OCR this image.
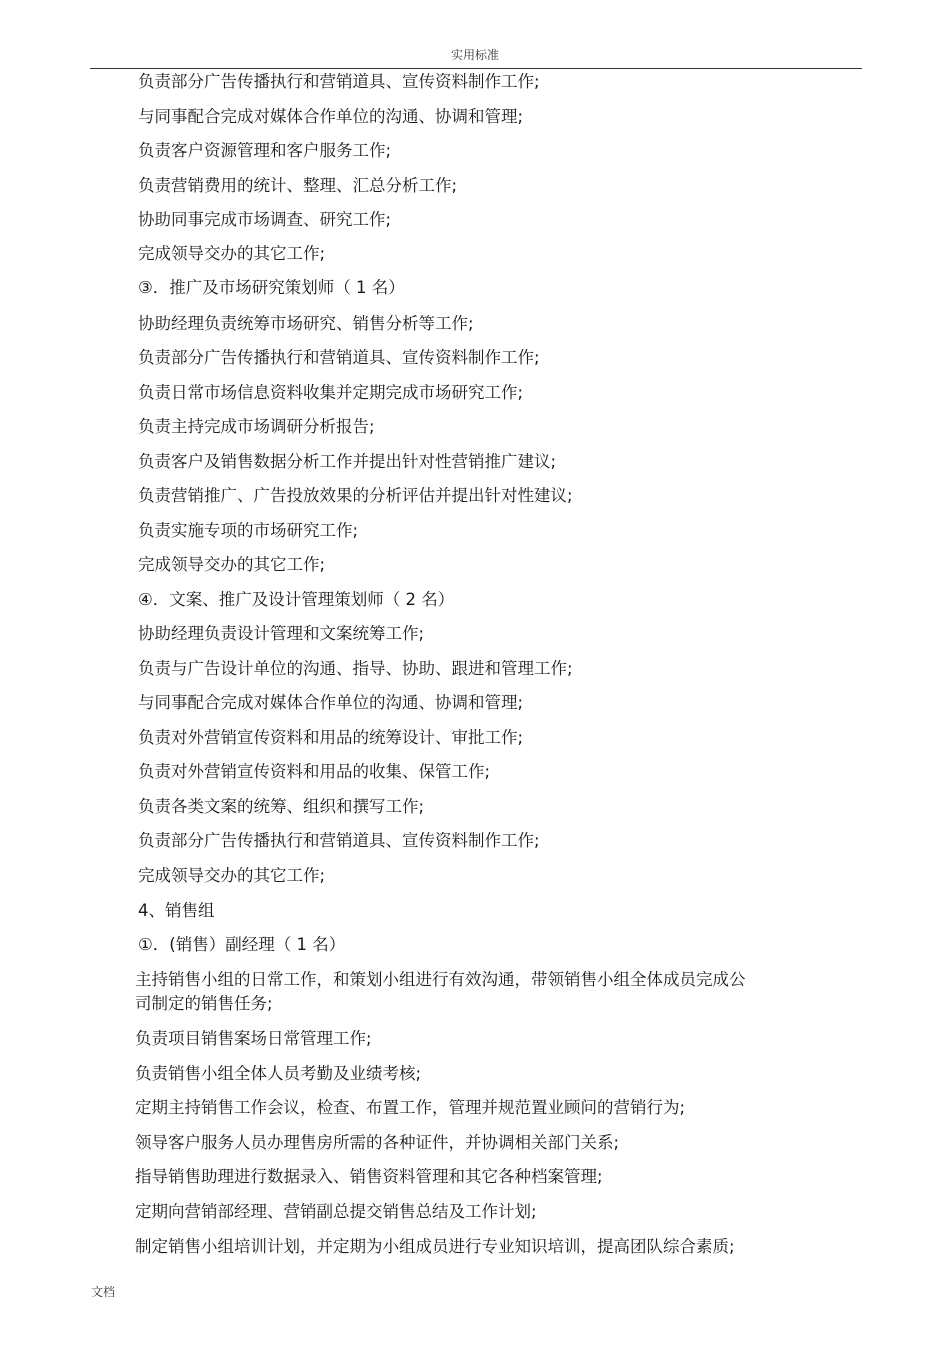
实用标准
负责部分广告传播执行和营销道具、宣传资料制作工作;
与同事配合完成对媒体合作单位的沟通、协调和管理;
负责客户资源管理和客户服务工作;
负责营销费用的统计、整理、汇总分析工作;
协助同事完成市场调查、研究工作;
完成领导交办的其它工作;
③．推广及市场研究策划师（ 1 名）
协助经理负责统筹市场研究、销售分析等工作;
负责部分广告传播执行和营销道具、宣传资料制作工作;
负责日常市场信息资料收集并定期完成市场研究工作;
负责主持完成市场调研分析报告;
负责客户及销售数据分析工作并提出针对性营销推广建议;
负责营销推广、广告投放效果的分析评估并提出针对性建议;
负责实施专项的市场研究工作;
完成领导交办的其它工作;
④．文案、推广及设计管理策划师（ 2 名）
协助经理负责设计管理和文案统筹工作;
负责与广告设计单位的沟通、指导、协助、跟进和管理工作;
与同事配合完成对媒体合作单位的沟通、协调和管理;
负责对外营销宣传资料和用品的统筹设计、审批工作;
负责对外营销宣传资料和用品的收集、保管工作;
负责各类文案的统筹、组织和撰写工作;
负责部分广告传播执行和营销道具、宣传资料制作工作;
完成领导交办的其它工作;
4、销售组
①．(销售）副经理（ 1 名）
主持销售小组的日常工作，和策划小组进行有效沟通，带领销售小组全体成员完成公
司制定的销售任务;
负责项目销售案场日常管理工作;
负责销售小组全体人员考勤及业绩考核;
定期主持销售工作会议，检查、布置工作，管理并规范置业顾问的营销行为;
领导客户服务人员办理售房所需的各种证件，并协调相关部门关系;
指导销售助理进行数据录入、销售资料管理和其它各种档案管理;
定期向营销部经理、营销副总提交销售总结及工作计划;
制定销售小组培训计划，并定期为小组成员进行专业知识培训，提高团队综合素质;
文档
